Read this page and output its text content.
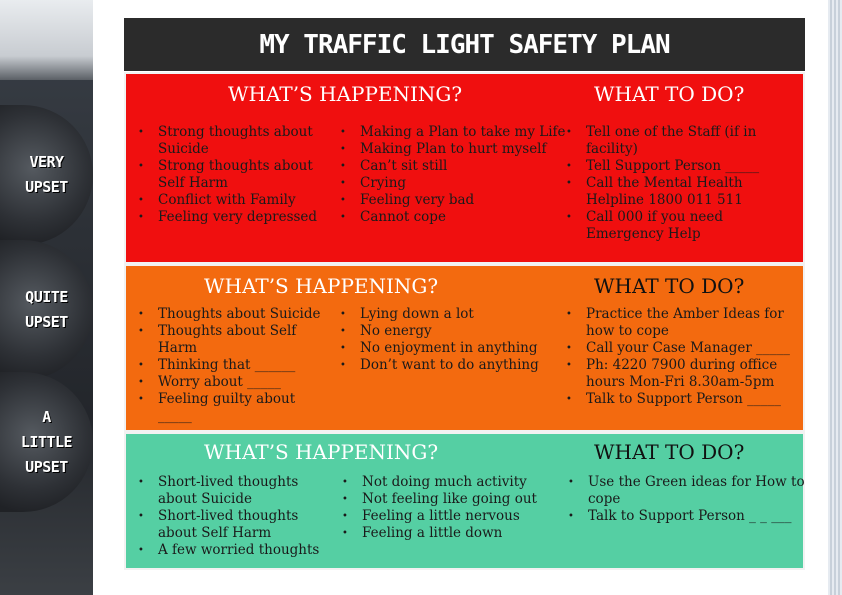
VERY
UPSET
QUITE
UPSET
A
LITTLE
UPSET
MY TRAFFIC LIGHT SAFETY PLAN
WHAT’S HAPPENING?	WHAT TO DO?
• Strong thoughts about Suicide
• Strong thoughts about Self Harm
• Conflict with Family
• Feeling very depressed
• Making a Plan to take my Life
• Making Plan to hurt myself
• Can’t sit still
• Crying
• Feeling very bad
• Cannot cope
• Tell one of the Staff (if in facility)
• Tell Support Person _____
• Call the Mental Health Helpline 1800 011 511
• Call 000 if you need Emergency Help
WHAT’S HAPPENING?	WHAT TO DO?
• Thoughts about Suicide
• Thoughts about Self Harm
• Thinking that ______
• Worry about _____
• Feeling guilty about _____
• Lying down a lot
• No energy
• No enjoyment in anything
• Don’t want to do anything
• Practice the Amber Ideas for how to cope
• Call your Case Manager _____
• Ph: 4220 7900 during office hours Mon-Fri 8.30am-5pm
• Talk to Support Person _____
WHAT’S HAPPENING?	WHAT TO DO?
• Short-lived thoughts about Suicide
• Short-lived thoughts about Self Harm
• A few worried thoughts
• Not doing much activity
• Not feeling like going out
• Feeling a little nervous
• Feeling a little down
• Use the Green ideas for How to cope
• Talk to Support Person _ _ ___
